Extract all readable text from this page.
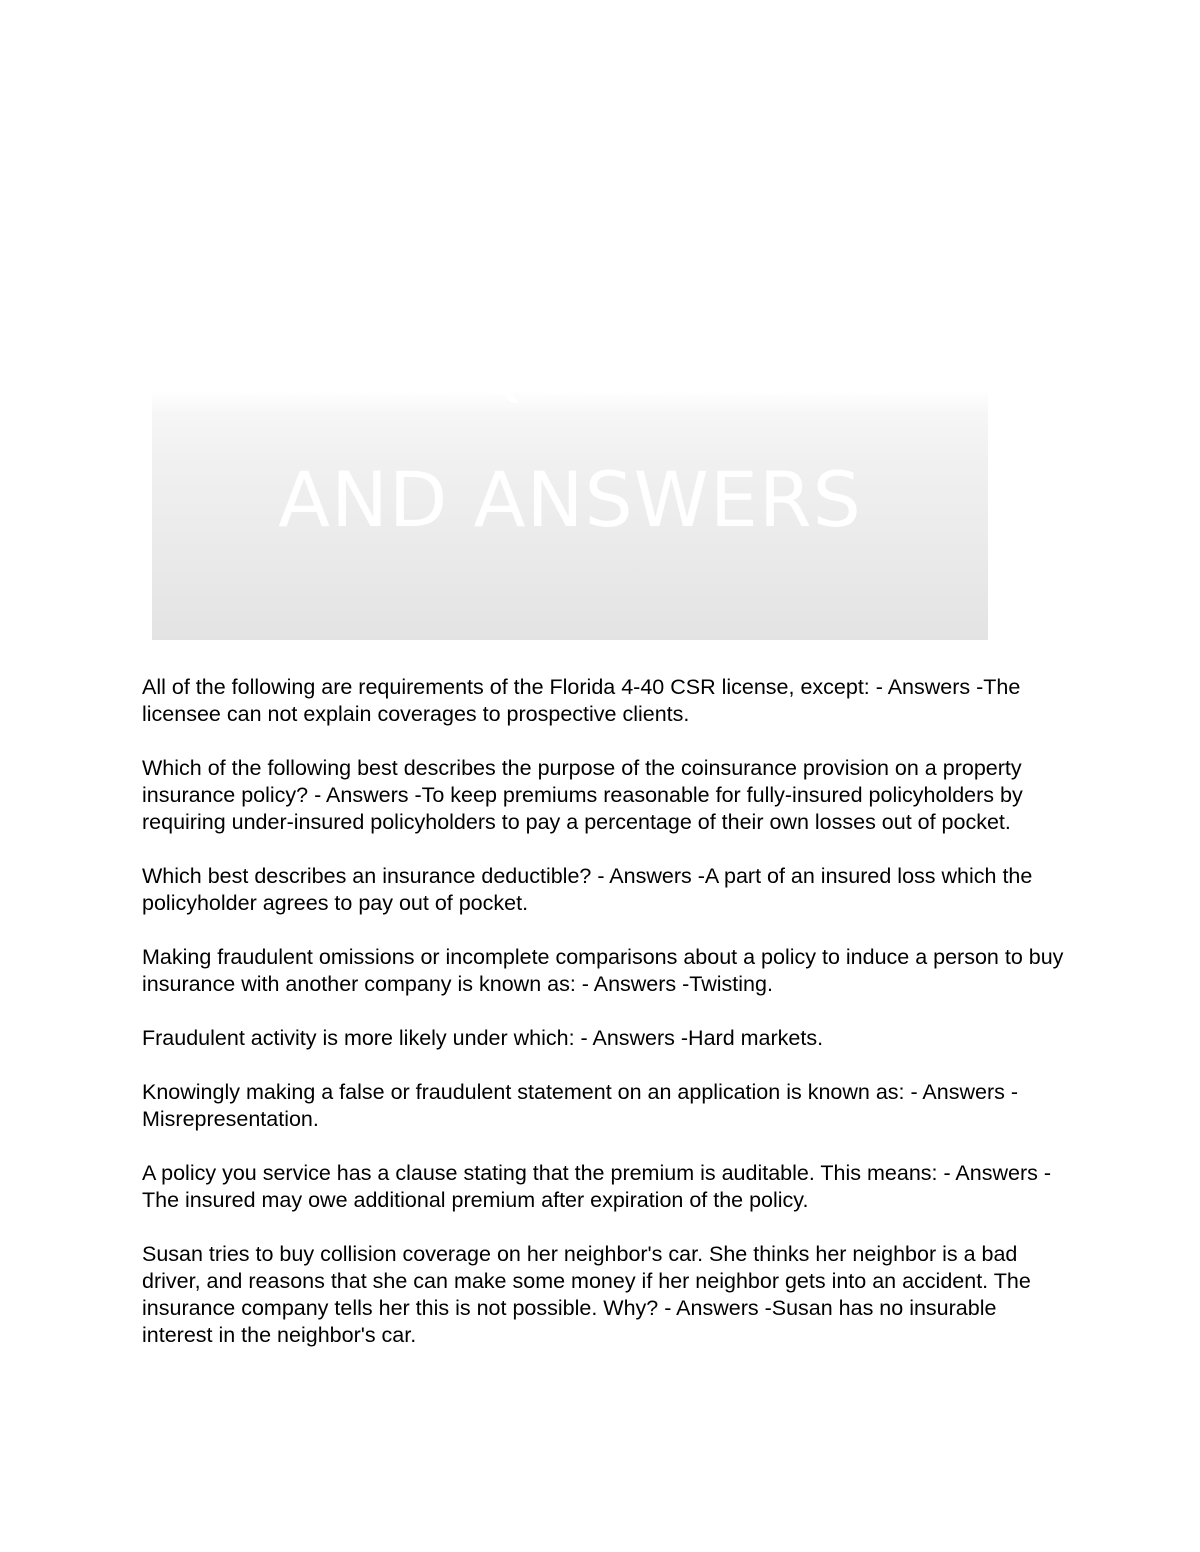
FINAL QUESTIONS
AND ANSWERS

All of the following are requirements of the Florida 4-40 CSR license, except: - Answers -The licensee can not explain coverages to prospective clients.

Which of the following best describes the purpose of the coinsurance provision on a property insurance policy? - Answers -To keep premiums reasonable for fully-insured policyholders by requiring under-insured policyholders to pay a percentage of their own losses out of pocket.

Which best describes an insurance deductible? - Answers -A part of an insured loss which the policyholder agrees to pay out of pocket.

Making fraudulent omissions or incomplete comparisons about a policy to induce a person to buy insurance with another company is known as: - Answers -Twisting.

Fraudulent activity is more likely under which: - Answers -Hard markets.

Knowingly making a false or fraudulent statement on an application is known as: - Answers -Misrepresentation.

A policy you service has a clause stating that the premium is auditable. This means: - Answers -The insured may owe additional premium after expiration of the policy.

Susan tries to buy collision coverage on her neighbor's car. She thinks her neighbor is a bad driver, and reasons that she can make some money if her neighbor gets into an accident. The insurance company tells her this is not possible. Why? - Answers -Susan has no insurable interest in the neighbor's car.
